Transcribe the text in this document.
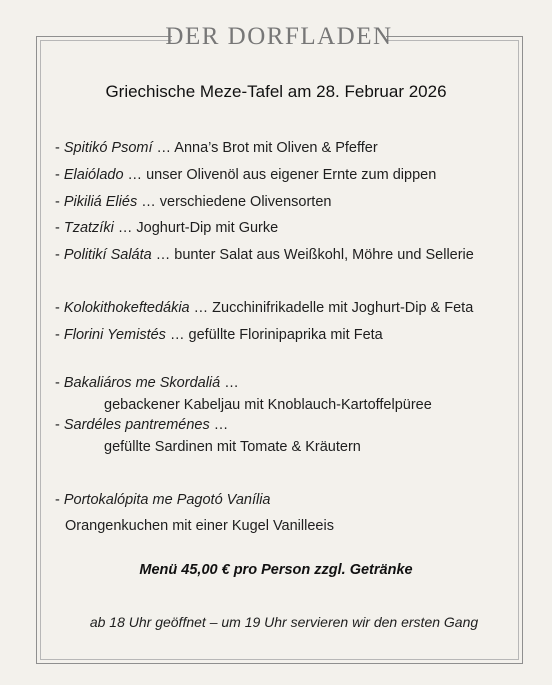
DER DORFLADEN
Griechische Meze-Tafel am 28. Februar 2026
- Spitikó Psomí … Anna’s Brot mit Oliven & Pfeffer
- Elaiólado … unser Olivenöl aus eigener Ernte zum dippen
- Pikiliá Eliés … verschiedene Olivensorten
- Tzatzíki … Joghurt-Dip mit Gurke
- Politikí Saláta … bunter Salat aus Weißkohl, Möhre und Sellerie
- Kolokithokeftedákia … Zucchinifrikadelle mit Joghurt-Dip & Feta
- Florini Yemistés … gefüllte Florinipaprika mit Feta
- Bakaliáros me Skordaliá …
gebackener Kabeljau mit Knoblauch-Kartoffelpüree
- Sardéles pantreménes …
gefüllte Sardinen mit Tomate & Kräutern
- Portokalópita me Pagotó Vanília
Orangenkuchen mit einer Kugel Vanilleeis
Menü 45,00 € pro Person zzgl. Getränke
ab 18 Uhr geöffnet – um 19 Uhr servieren wir den ersten Gang
